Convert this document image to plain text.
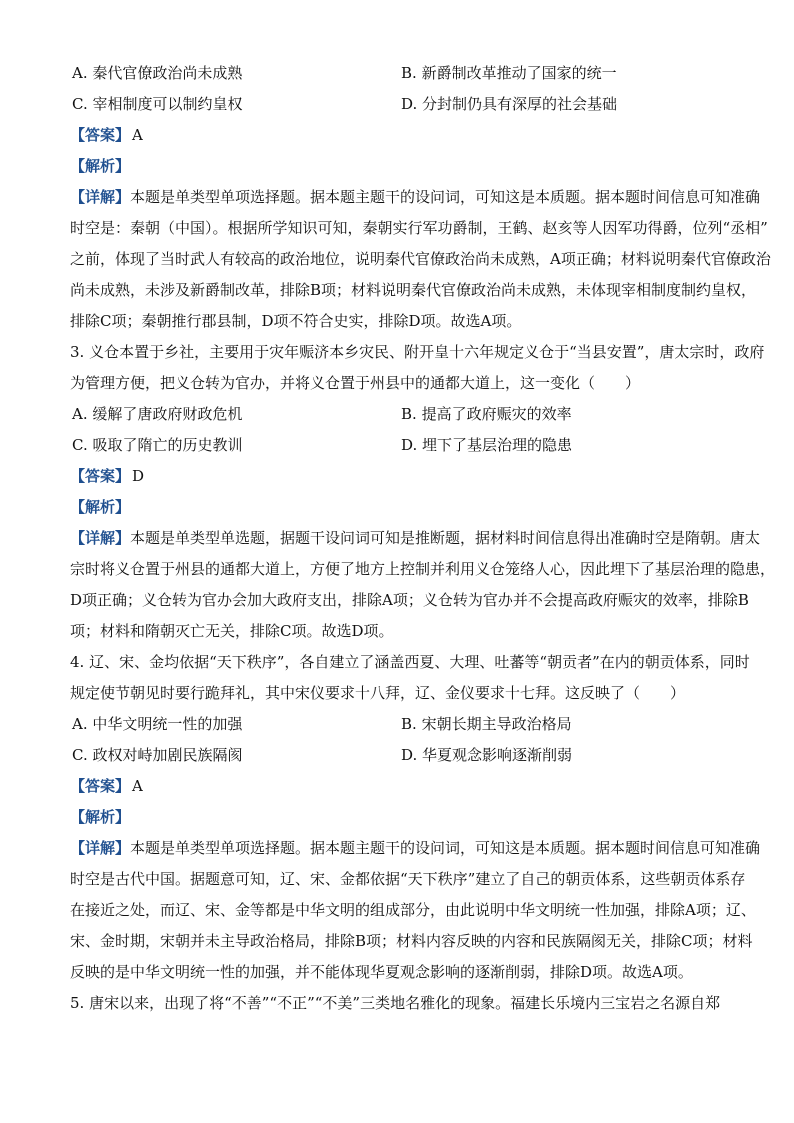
A. 秦代官僚政治尚未成熟	B. 新爵制改革推动了国家的统一
C. 宰相制度可以制约皇权	D. 分封制仍具有深厚的社会基础
【答案】 A
【解析】
【详解】本题是单类型单项选择题。据本题主题干的设问词，可知这是本质题。据本题时间信息可知准确
时空是：秦朝（中国）。根据所学知识可知，秦朝实行军功爵制，王鹤、赵亥等人因军功得爵，位列“丞相”
之前，体现了当时武人有较高的政治地位，说明秦代官僚政治尚未成熟，A项正确；材料说明秦代官僚政治
尚未成熟，未涉及新爵制改革，排除B项；材料说明秦代官僚政治尚未成熟，未体现宰相制度制约皇权，
排除C项；秦朝推行郡县制，D项不符合史实，排除D项。故选A项。
3. 义仓本置于乡社，主要用于灾年赈济本乡灾民、附开皇十六年规定义仓于“当县安置”，唐太宗时，政府
为管理方便，把义仓转为官办，并将义仓置于州县中的通都大道上，这一变化（　　）
A. 缓解了唐政府财政危机	B. 提高了政府赈灾的效率
C. 吸取了隋亡的历史教训	D. 埋下了基层治理的隐患
【答案】 D
【解析】
【详解】本题是单类型单选题，据题干设问词可知是推断题，据材料时间信息得出准确时空是隋朝。唐太
宗时将义仓置于州县的通都大道上，方便了地方上控制并利用义仓笼络人心，因此埋下了基层治理的隐患，
D项正确；义仓转为官办会加大政府支出，排除A项；义仓转为官办并不会提高政府赈灾的效率，排除B
项；材料和隋朝灭亡无关，排除C项。故选D项。
4. 辽、宋、金均依据“天下秩序”，各自建立了涵盖西夏、大理、吐蕃等“朝贡者”在内的朝贡体系，同时
规定使节朝见时要行跪拜礼，其中宋仪要求十八拜，辽、金仪要求十七拜。这反映了（　　）
A. 中华文明统一性的加强	B. 宋朝长期主导政治格局
C. 政权对峙加剧民族隔阂	D. 华夏观念影响逐渐削弱
【答案】 A
【解析】
【详解】本题是单类型单项选择题。据本题主题干的设问词，可知这是本质题。据本题时间信息可知准确
时空是古代中国。据题意可知，辽、宋、金都依据“天下秩序”建立了自己的朝贡体系，这些朝贡体系存
在接近之处，而辽、宋、金等都是中华文明的组成部分，由此说明中华文明统一性加强，排除A项；辽、
宋、金时期，宋朝并未主导政治格局，排除B项；材料内容反映的内容和民族隔阂无关，排除C项；材料
反映的是中华文明统一性的加强，并不能体现华夏观念影响的逐渐削弱，排除D项。故选A项。
5. 唐宋以来，出现了将“不善”“不正”“不美”三类地名雅化的现象。福建长乐境内三宝岩之名源自郑
